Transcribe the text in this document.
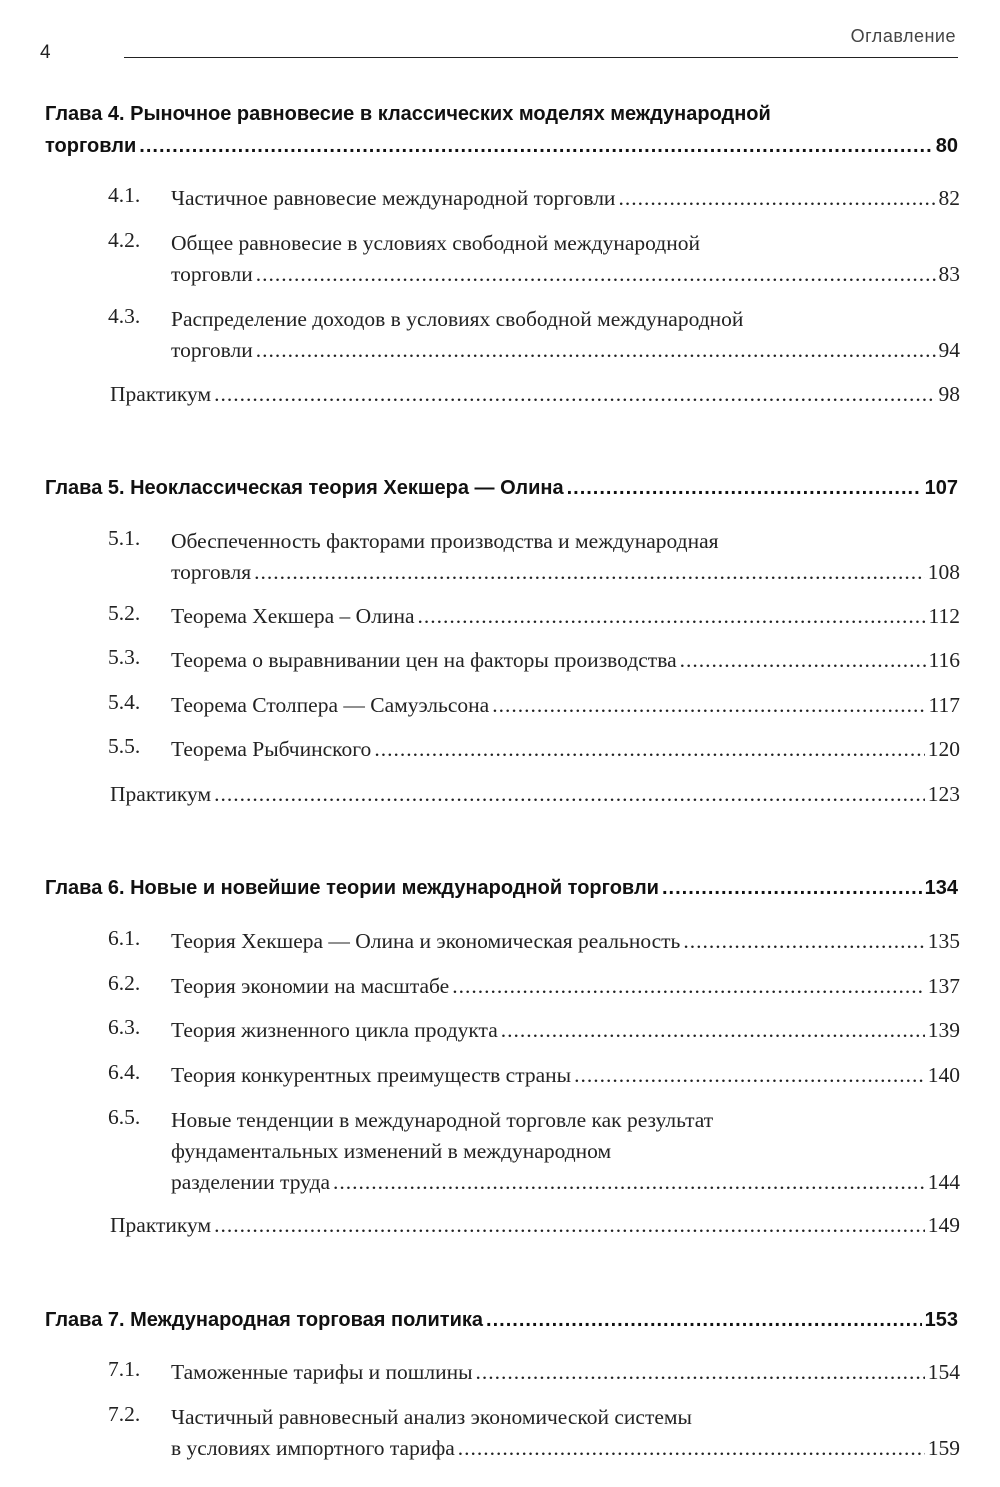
4
Оглавление
Глава 4. Рыночное равновесие в классических моделях международной
торговли .....	80
4.1.	Частичное равновесие международной торговли .....	82
4.2.	Общее равновесие в условиях свободной международной
торговли .....	83
4.3.	Распределение доходов в условиях свободной международной
торговли .....	94
Практикум .....	98
Глава 5. Неоклассическая теория Хекшера — Олина .....	107
5.1.	Обеспеченность факторами производства и международная
торговля .....	108
5.2.	Теорема Хекшера – Олина .....	112
5.3.	Теорема о выравнивании цен на факторы производства .....	116
5.4.	Теорема Столпера — Самуэльсона .....	117
5.5.	Теорема Рыбчинского .....	120
Практикум .....	123
Глава 6. Новые и новейшие теории международной торговли .....	134
6.1.	Теория Хекшера — Олина и экономическая реальность .....	135
6.2.	Теория экономии на масштабе .....	137
6.3.	Теория жизненного цикла продукта .....	139
6.4.	Теория конкурентных преимуществ страны .....	140
6.5.	Новые тенденции в международной торговле как результат
фундаментальных изменений в международном
разделении труда .....	144
Практикум .....	149
Глава 7. Международная торговая политика .....	153
7.1.	Таможенные тарифы и пошлины .....	154
7.2.	Частичный равновесный анализ экономической системы
в условиях импортного тарифа .....	159
